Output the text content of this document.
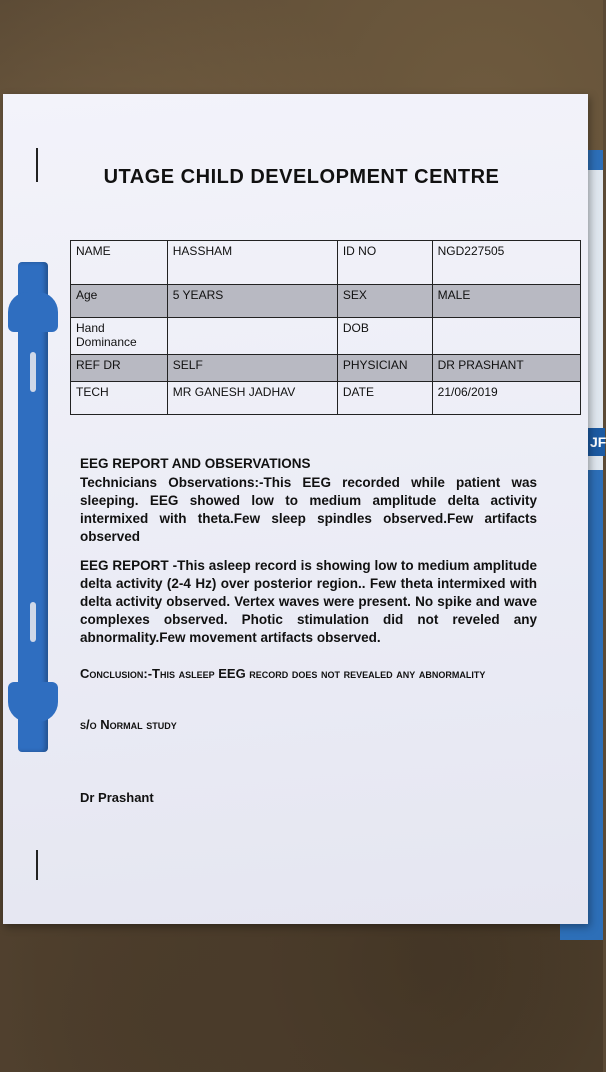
JF
UTAGE CHILD DEVELOPMENT CENTRE
NAME	HASSHAM	ID NO	NGD227505
Age	5 YEARS	SEX	MALE
Hand Dominance		DOB	
REF DR	SELF	PHYSICIAN	DR PRASHANT
TECH	MR GANESH JADHAV	DATE	21/06/2019
EEG REPORT AND OBSERVATIONS
Technicians Observations:-This EEG recorded while patient was sleeping. EEG showed low to medium amplitude delta activity intermixed with theta.Few sleep spindles observed.Few artifacts observed
EEG REPORT -This asleep record is showing low to medium amplitude delta activity (2-4 Hz) over posterior region.. Few theta intermixed with delta activity observed. Vertex waves were present. No spike and wave complexes observed. Photic stimulation did not reveled any abnormality.Few movement artifacts observed.
Conclusion:-This asleep EEG record does not revealed any abnormality
s/o Normal study
Dr Prashant
